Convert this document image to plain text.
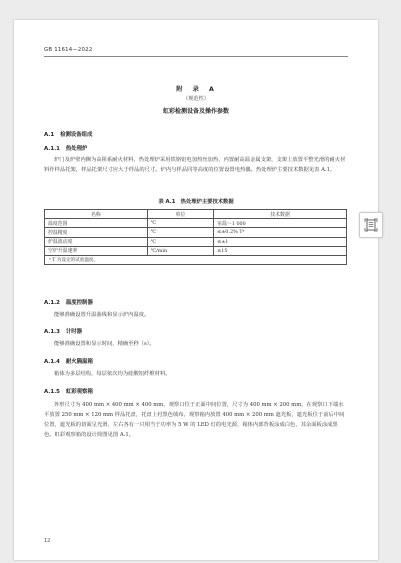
GB 11614—2022
附　录　A
（规范性）
虹彩检测设备及操作参数
A.1 检测设备组成
A.1.1 热处理炉
炉门及炉壁内侧为高阻系耐火材料，热处理炉采用铁铬铝电加热丝加热，内置耐高温金属支架，支架上放置平整光滑的耐火材料作样品托架，样品托架尺寸应大于样品的尺寸。炉内与样品同等高度的位置设置电热偶。热处理炉主要技术数据见表 A.1。
表 A.1　热处理炉主要技术数据
名称	单位	技术数据
温度范围	℃	室温～1 000
控温精度	℃	≤±0.2% Tᵃ
炉温波动度	℃	≤±1
空炉升温速率	℃/min	≤15
ᵃ T 为设定的试验温度。		
A.1.2 温度控制器
能够准确设置升温曲线和显示炉内温度。
A.1.3 计时器
能够准确设置和显示时间，精确至秒（s）。
A.1.4 耐火隔温箱
箱体为多层结构，每层依次均为硅酸铝纤维材料。
A.1.5 虹彩观察箱
外形尺寸为 400 mm × 400 mm × 400 mm，观察口位于正面中间位置，尺寸为 400 mm × 200 mm，在观察口下端水平放置 250 mm × 120 mm 样品托盘，托盘上衬黑色绒布。观察箱内放置 400 mm × 200 mm 遮光板，遮光板位于前后中间位置，遮光板的切面呈光滑，左右各有一只相当于功率为 5 W 的 LED 灯的电光源，箱体内部背板涂成白色，其余面板涂成黑色。虹彩观察箱的设计简图见图 A.1。
12
